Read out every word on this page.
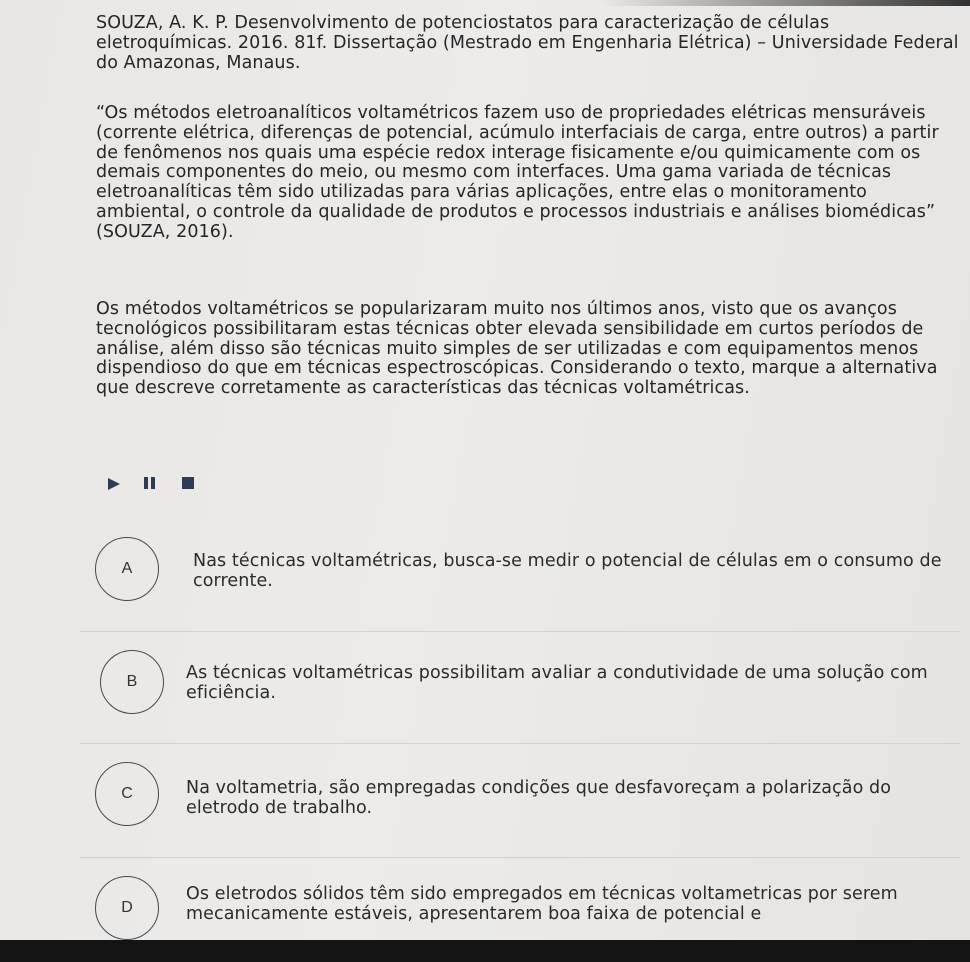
SOUZA, A. K. P. Desenvolvimento de potenciostatos para caracterização de células eletroquímicas. 2016. 81f. Dissertação (Mestrado em Engenharia Elétrica) – Universidade Federal do Amazonas, Manaus.

“Os métodos eletroanalíticos voltamétricos fazem uso de propriedades elétricas mensuráveis (corrente elétrica, diferenças de potencial, acúmulo interfaciais de carga, entre outros) a partir de fenômenos nos quais uma espécie redox interage fisicamente e/ou quimicamente com os demais componentes do meio, ou mesmo com interfaces. Uma gama variada de técnicas eletroanalíticas têm sido utilizadas para várias aplicações, entre elas o monitoramento ambiental, o controle da qualidade de produtos e processos industriais e análises biomédicas” (SOUZA, 2016).

Os métodos voltamétricos se popularizaram muito nos últimos anos, visto que os avanços tecnológicos possibilitaram estas técnicas obter elevada sensibilidade em curtos períodos de análise, além disso são técnicas muito simples de ser utilizadas e com equipamentos menos dispendioso do que em técnicas espectroscópicas. Considerando o texto, marque a alternativa que descreve corretamente as características das técnicas voltamétricas.

A	Nas técnicas voltamétricas, busca-se medir o potencial de células em o consumo de corrente.
B	As técnicas voltamétricas possibilitam avaliar a condutividade de uma solução com eficiência.
C	Na voltametria, são empregadas condições que desfavoreçam a polarização do eletrodo de trabalho.
D
Os eletrodos sólidos têm sido empregados em técnicas voltametricas por serem mecanicamente estáveis, apresentarem boa faixa de potencial e
